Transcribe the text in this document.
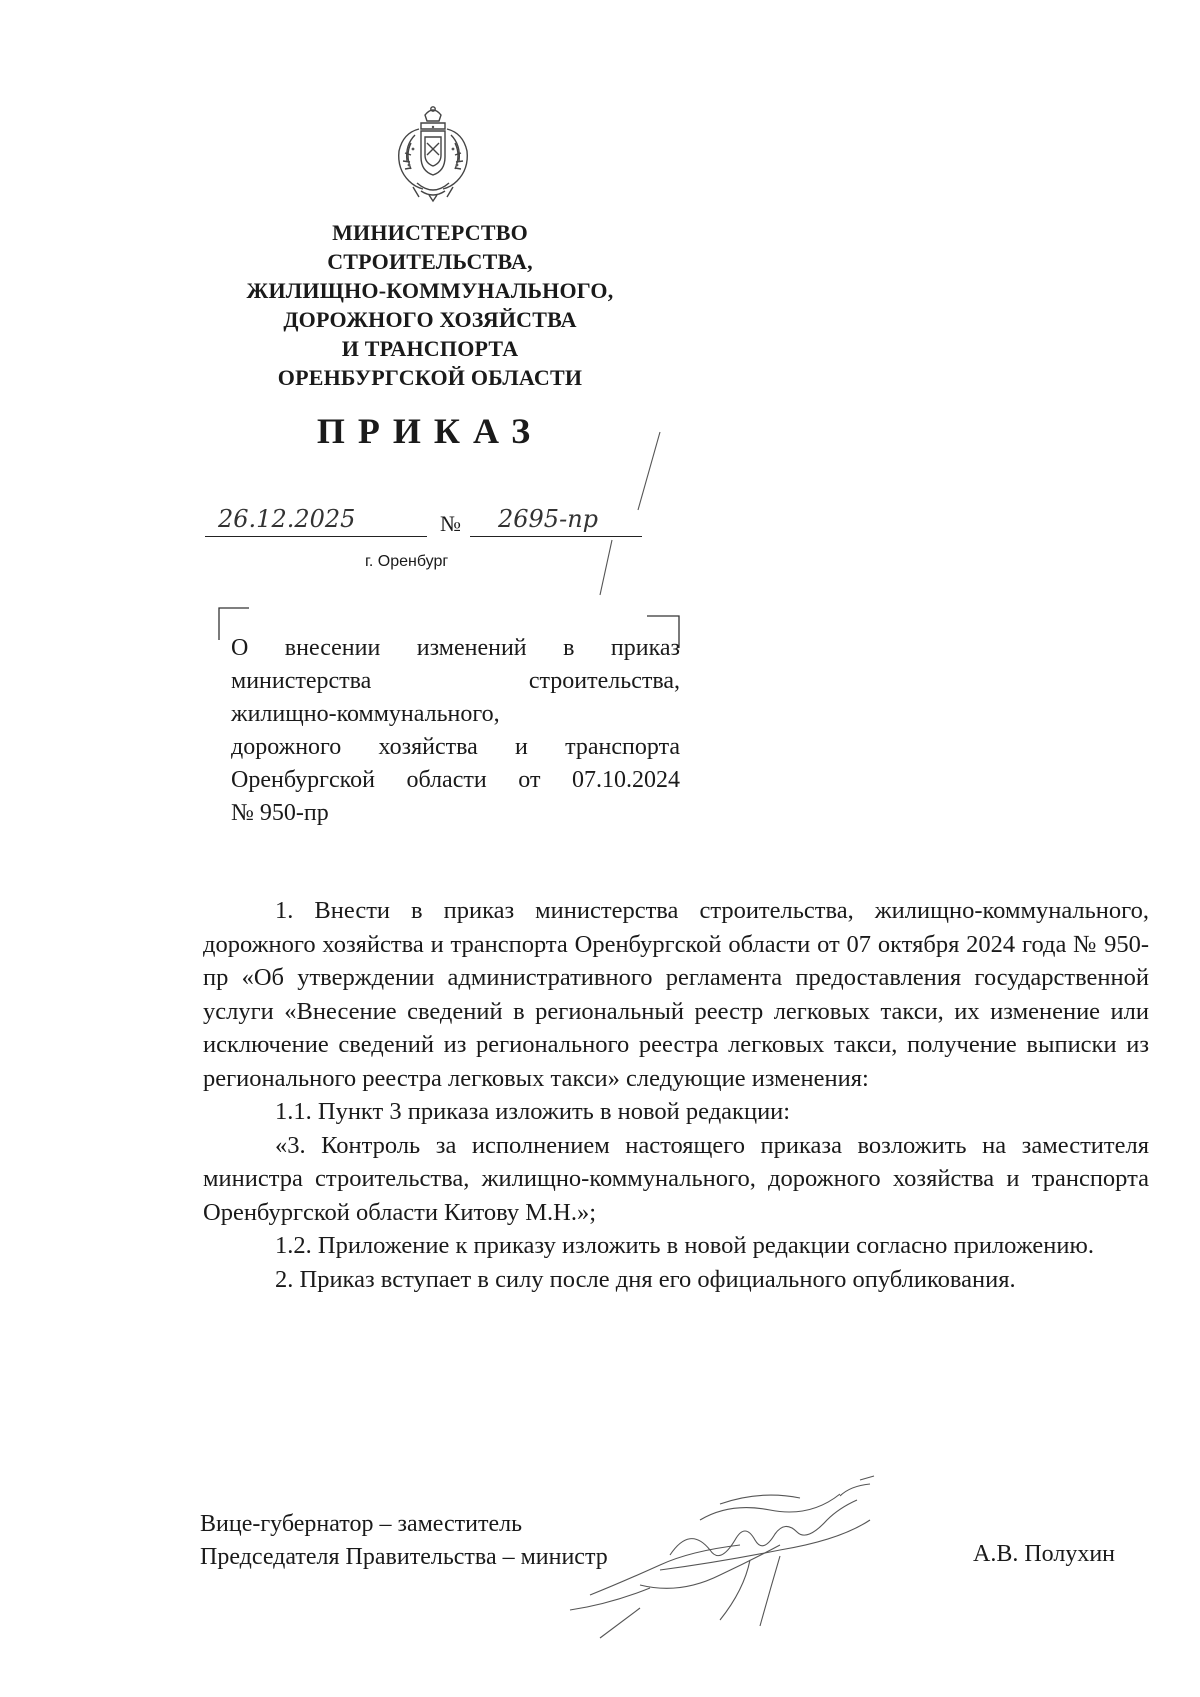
МИНИСТЕРСТВО
СТРОИТЕЛЬСТВА,
ЖИЛИЩНО-КОММУНАЛЬНОГО,
ДОРОЖНОГО ХОЗЯЙСТВА
И ТРАНСПОРТА
ОРЕНБУРГСКОЙ ОБЛАСТИ
ПРИКАЗ
26.12.2025	№ 2695-пр
г. Оренбург
О внесении изменений в приказ
министерства строительства,
жилищно-коммунального,
дорожного хозяйства и транспорта
Оренбургской области от 07.10.2024
№ 950-пр

1. Внести в приказ министерства строительства, жилищно-коммунального, дорожного хозяйства и транспорта Оренбургской области от 07 октября 2024 года № 950-пр «Об утверждении административного регламента предоставления государственной услуги «Внесение сведений в региональный реестр легковых такси, их изменение или исключение сведений из регионального реестра легковых такси, получение выписки из регионального реестра легковых такси» следующие изменения:

1.1. Пункт 3 приказа изложить в новой редакции:

«3. Контроль за исполнением настоящего приказа возложить на заместителя министра строительства, жилищно-коммунального, дорожного хозяйства и транспорта Оренбургской области Китову М.Н.»;

1.2. Приложение к приказу изложить в новой редакции согласно приложению.

2. Приказ вступает в силу после дня его официального опубликования.

Вице-губернатор – заместитель
Председателя Правительства – министр	А.В. Полухин
